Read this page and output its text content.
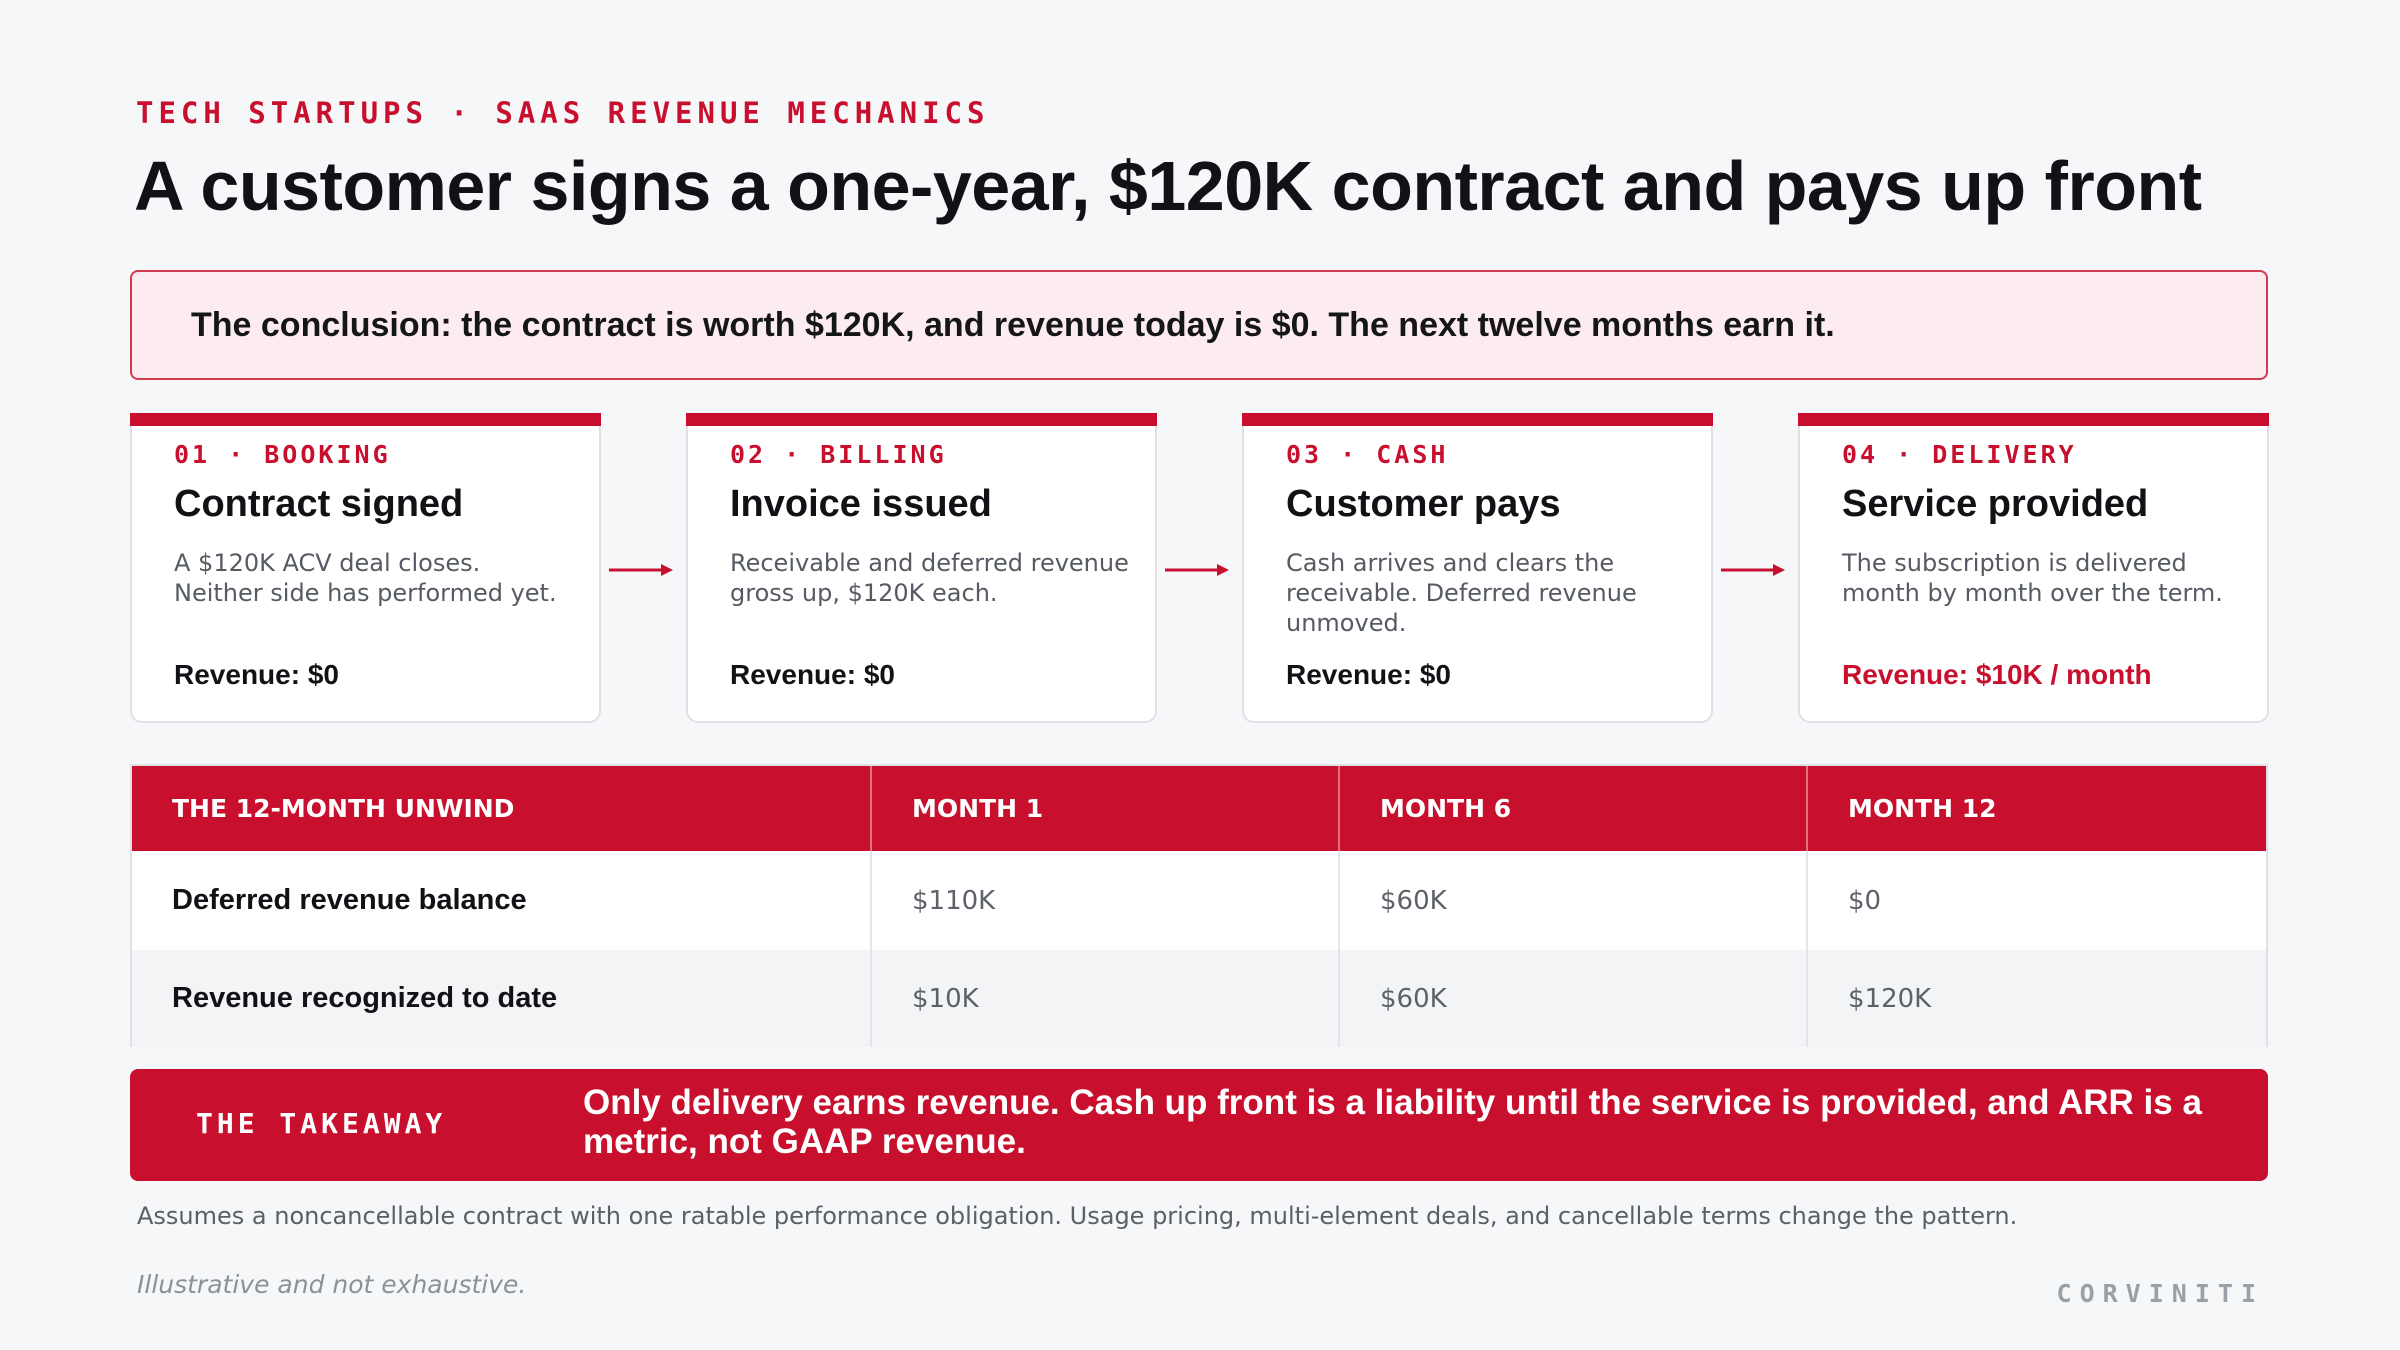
TECH STARTUPS · SAAS REVENUE MECHANICS
A customer signs a one-year, $120K contract and pays up front
The conclusion: the contract is worth $120K, and revenue today is $0. The next twelve months earn it.
01 · BOOKING
Contract signed
A $120K ACV deal closes. Neither side has performed yet.
Revenue: $0
02 · BILLING
Invoice issued
Receivable and deferred revenue gross up, $120K each.
Revenue: $0
03 · CASH
Customer pays
Cash arrives and clears the receivable. Deferred revenue unmoved.
Revenue: $0
04 · DELIVERY
Service provided
The subscription is delivered month by month over the term.
Revenue: $10K / month
THE 12-MONTH UNWIND	MONTH 1	MONTH 6	MONTH 12
Deferred revenue balance	$110K	$60K	$0
Revenue recognized to date	$10K	$60K	$120K
THE TAKEAWAY
Only delivery earns revenue. Cash up front is a liability until the service is provided, and ARR is a metric, not GAAP revenue.
Assumes a noncancellable contract with one ratable performance obligation. Usage pricing, multi-element deals, and cancellable terms change the pattern.
Illustrative and not exhaustive.	CORVINITI
